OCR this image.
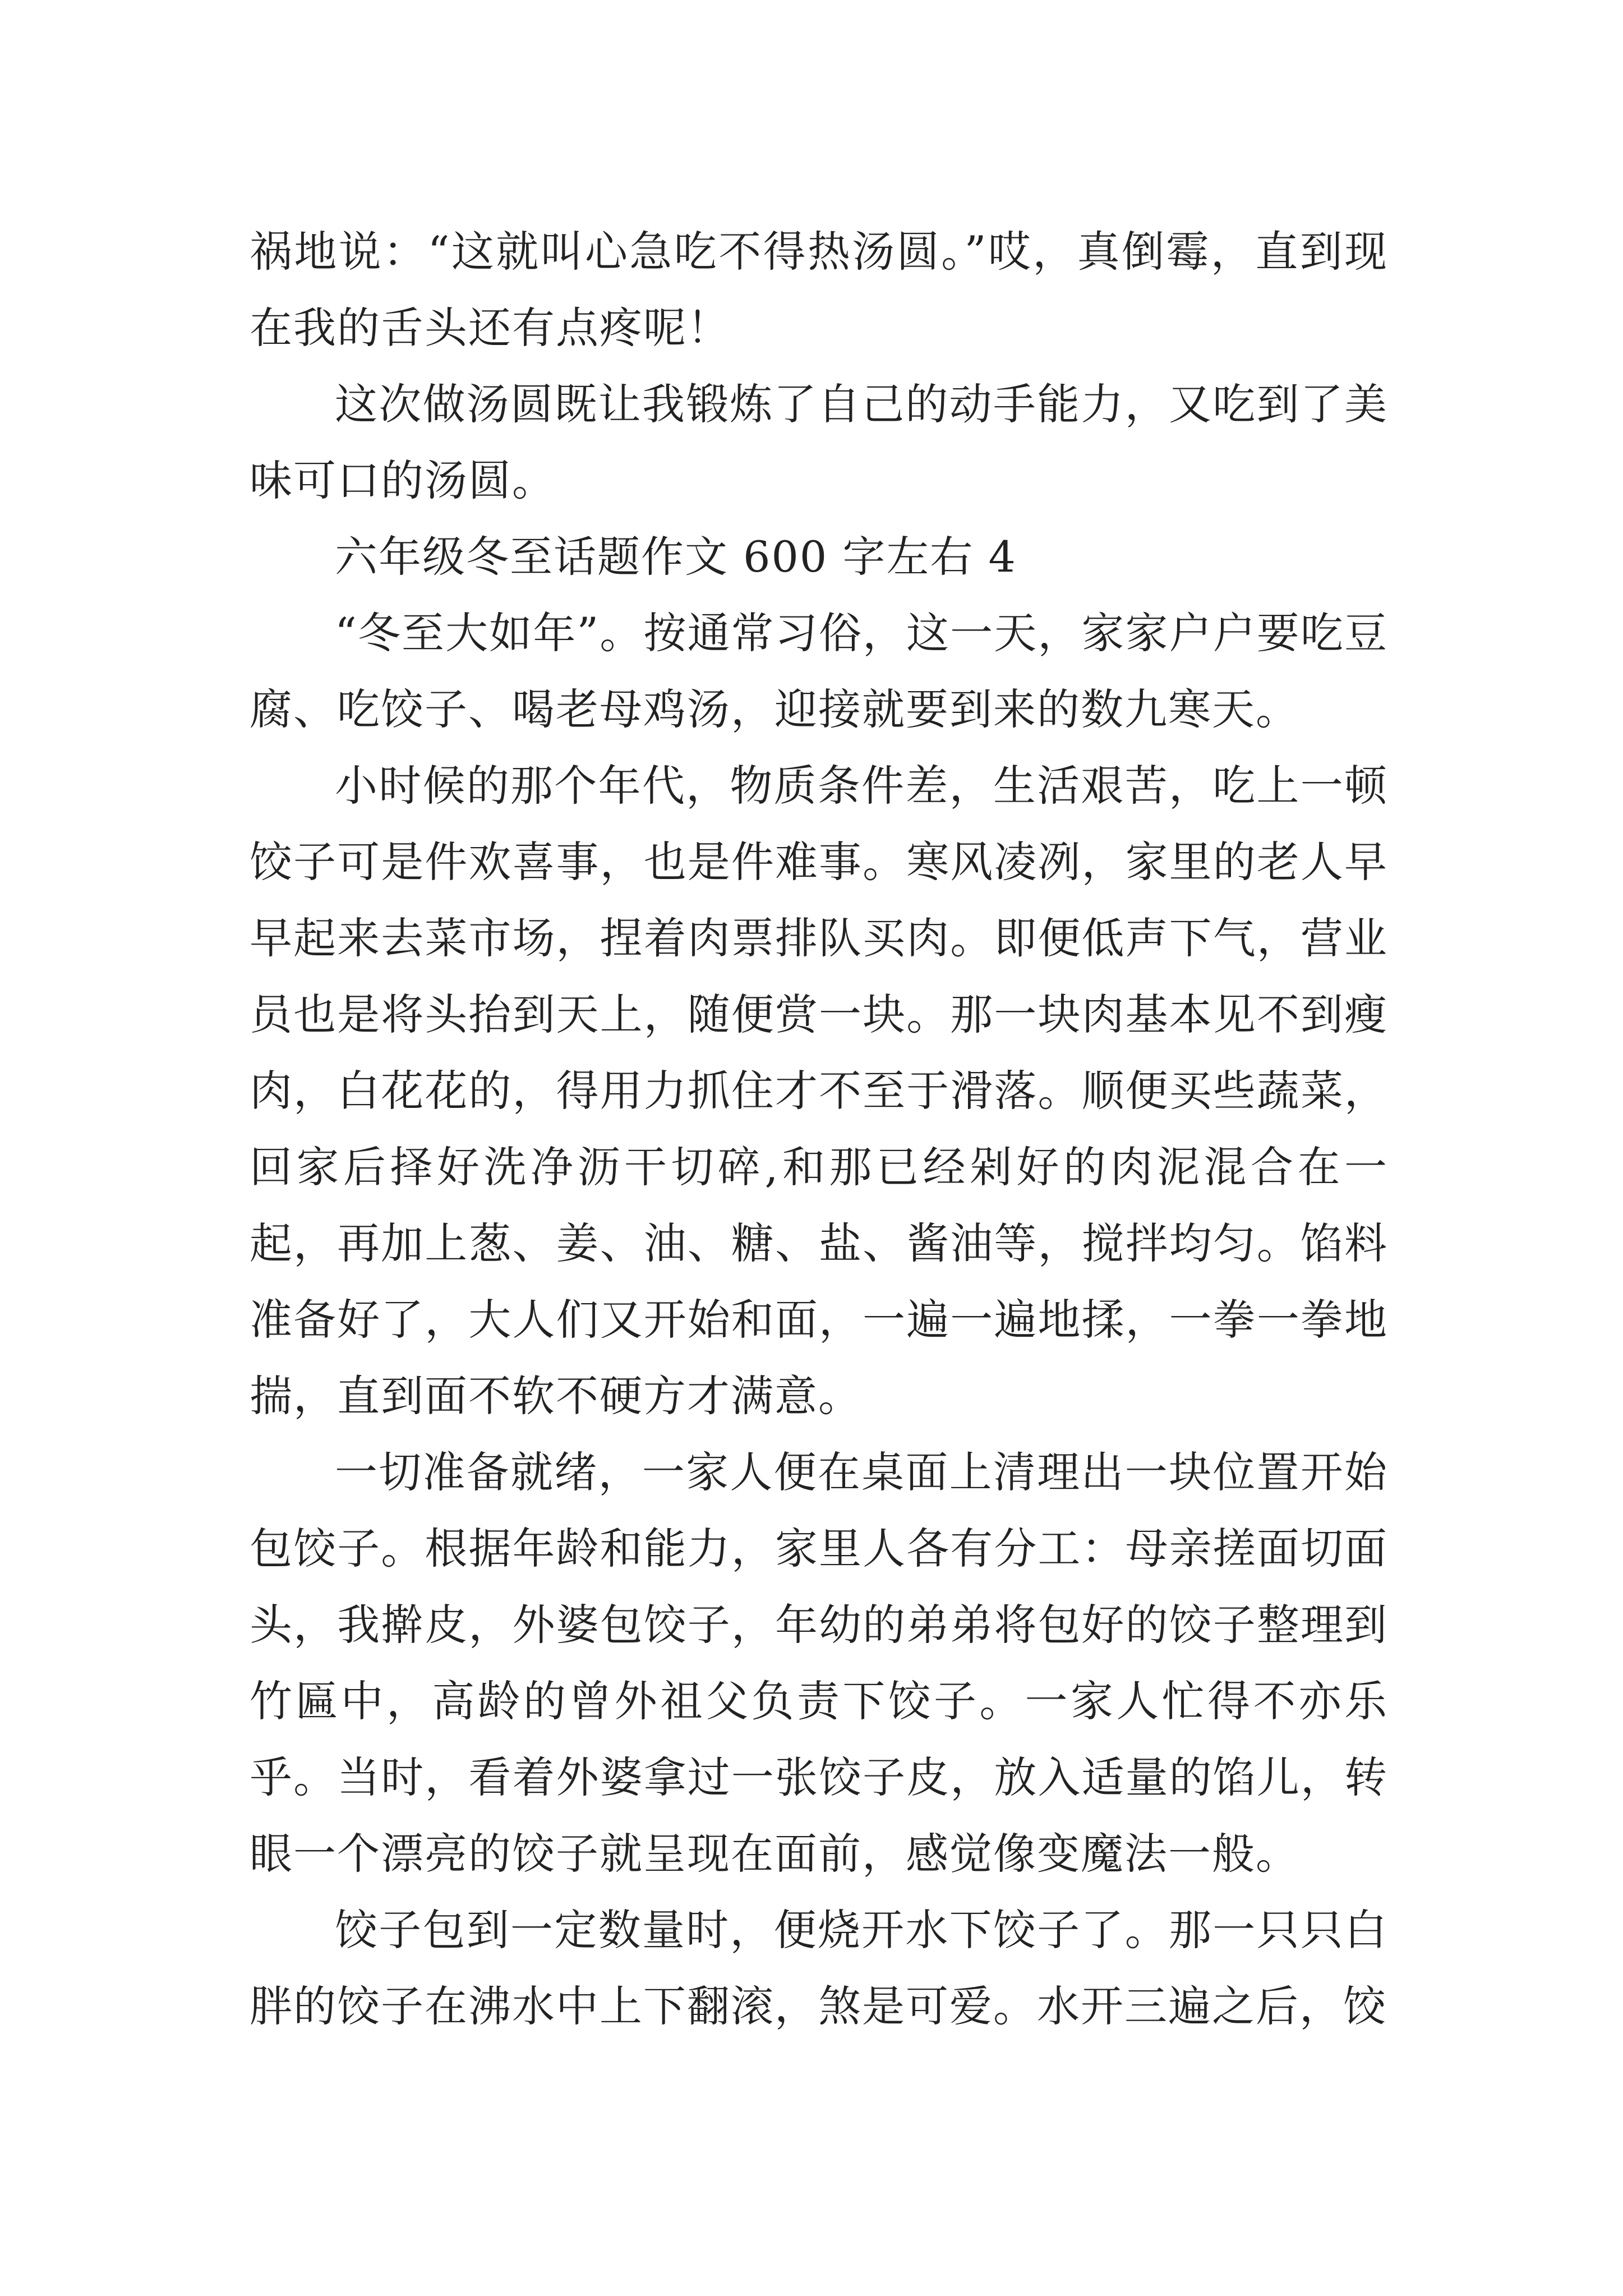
祸地说：“这就叫心急吃不得热汤圆。”哎，真倒霉，直到现在我的舌头还有点疼呢！

这次做汤圆既让我锻炼了自己的动手能力，又吃到了美味可口的汤圆。

六年级冬至话题作文 600 字左右 4

“冬至大如年”。按通常习俗，这一天，家家户户要吃豆腐、吃饺子、喝老母鸡汤，迎接就要到来的数九寒天。

小时候的那个年代，物质条件差，生活艰苦，吃上一顿饺子可是件欢喜事，也是件难事。寒风凌冽，家里的老人早早起来去菜市场，捏着肉票排队买肉。即便低声下气，营业员也是将头抬到天上，随便赏一块。那一块肉基本见不到瘦肉，白花花的，得用力抓住才不至于滑落。顺便买些蔬菜，回家后择好洗净沥干切碎,和那已经剁好的肉泥混合在一起，再加上葱、姜、油、糖、盐、酱油等，搅拌均匀。馅料准备好了，大人们又开始和面，一遍一遍地揉，一拳一拳地揣，直到面不软不硬方才满意。

一切准备就绪，一家人便在桌面上清理出一块位置开始包饺子。根据年龄和能力，家里人各有分工：母亲搓面切面头，我擀皮，外婆包饺子，年幼的弟弟将包好的饺子整理到竹匾中，高龄的曾外祖父负责下饺子。一家人忙得不亦乐乎。当时，看着外婆拿过一张饺子皮，放入适量的馅儿，转眼一个漂亮的饺子就呈现在面前，感觉像变魔法一般。

饺子包到一定数量时，便烧开水下饺子了。那一只只白胖的饺子在沸水中上下翻滚，煞是可爱。水开三遍之后，饺
